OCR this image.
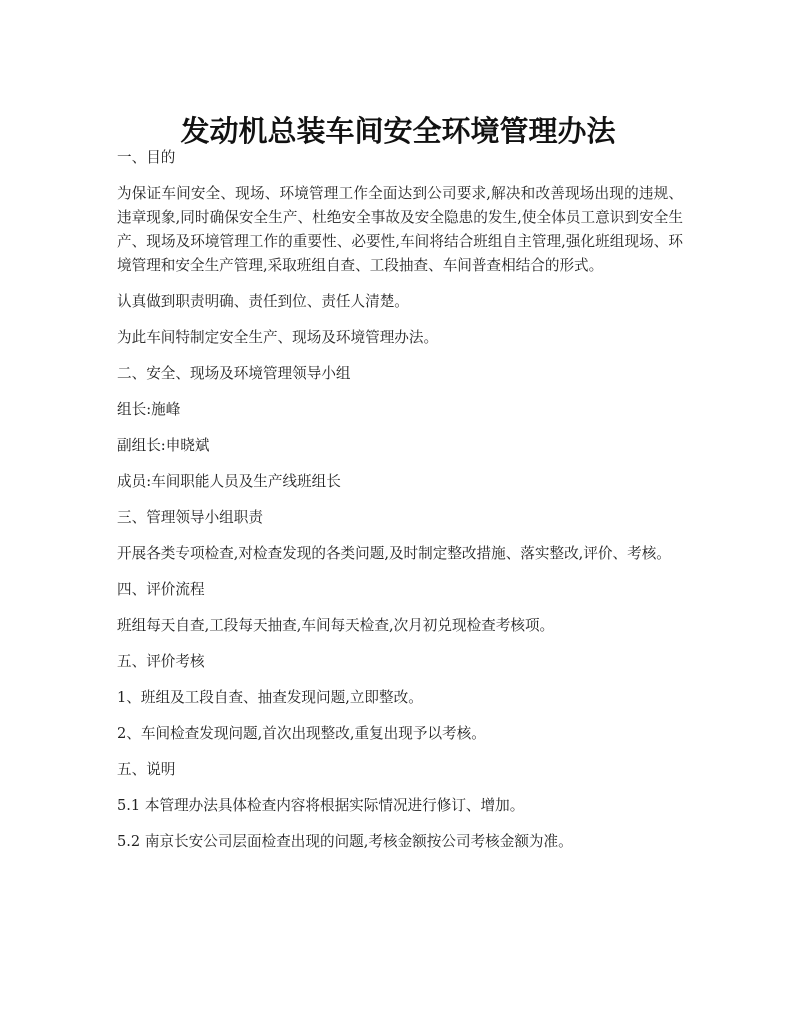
发动机总装车间安全环境管理办法

一、目的

为保证车间安全、现场、环境管理工作全面达到公司要求,解决和改善现场出现的违规、违章现象,同时确保安全生产、杜绝安全事故及安全隐患的发生,使全体员工意识到安全生产、现场及环境管理工作的重要性、必要性,车间将结合班组自主管理,强化班组现场、环境管理和安全生产管理,采取班组自查、工段抽查、车间普查相结合的形式。

认真做到职责明确、责任到位、责任人清楚。

为此车间特制定安全生产、现场及环境管理办法。

二、安全、现场及环境管理领导小组

组长:施峰

副组长:申晓斌

成员:车间职能人员及生产线班组长

三、管理领导小组职责

开展各类专项检查,对检查发现的各类问题,及时制定整改措施、落实整改,评价、考核。

四、评价流程

班组每天自查,工段每天抽查,车间每天检查,次月初兑现检查考核项。

五、评价考核

1、班组及工段自查、抽查发现问题,立即整改。

2、车间检查发现问题,首次出现整改,重复出现予以考核。

五、说明

5.1 本管理办法具体检查内容将根据实际情况进行修订、增加。

5.2 南京长安公司层面检查出现的问题,考核金额按公司考核金额为准。
